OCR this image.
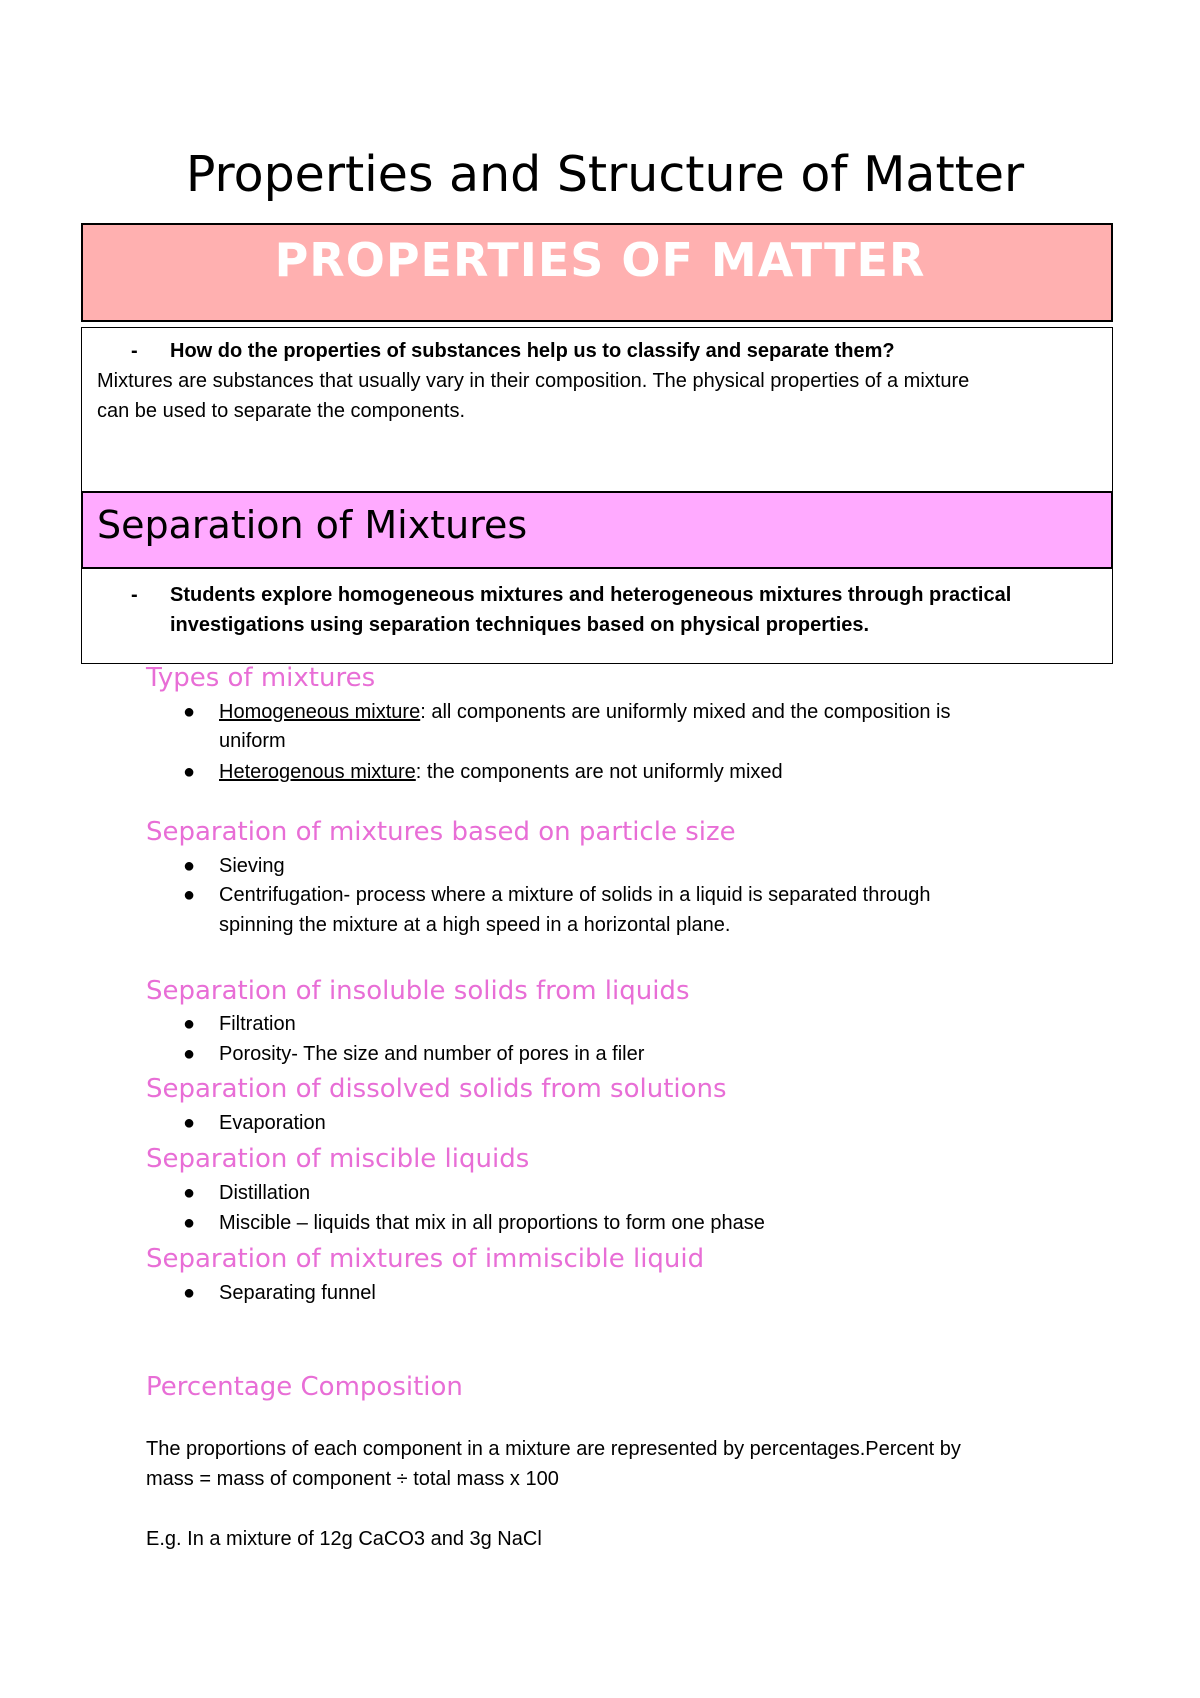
Properties and Structure of Matter
PROPERTIES OF MATTER
- How do the properties of substances help us to classify and separate them?
Mixtures are substances that usually vary in their composition. The physical properties of a mixture
can be used to separate the components.
Separation of Mixtures
- Students explore homogeneous mixtures and heterogeneous mixtures through practical
investigations using separation techniques based on physical properties.
Types of mixtures
● Homogeneous mixture: all components are uniformly mixed and the composition is
uniform
● Heterogenous mixture: the components are not uniformly mixed
Separation of mixtures based on particle size
● Sieving
● Centrifugation- process where a mixture of solids in a liquid is separated through
spinning the mixture at a high speed in a horizontal plane.
Separation of insoluble solids from liquids
● Filtration
● Porosity- The size and number of pores in a filer
Separation of dissolved solids from solutions
● Evaporation
Separation of miscible liquids
● Distillation
● Miscible – liquids that mix in all proportions to form one phase
Separation of mixtures of immiscible liquid
● Separating funnel
Percentage Composition
The proportions of each component in a mixture are represented by percentages.Percent by
mass = mass of component ÷ total mass x 100
E.g. In a mixture of 12g CaCO3 and 3g NaCl
